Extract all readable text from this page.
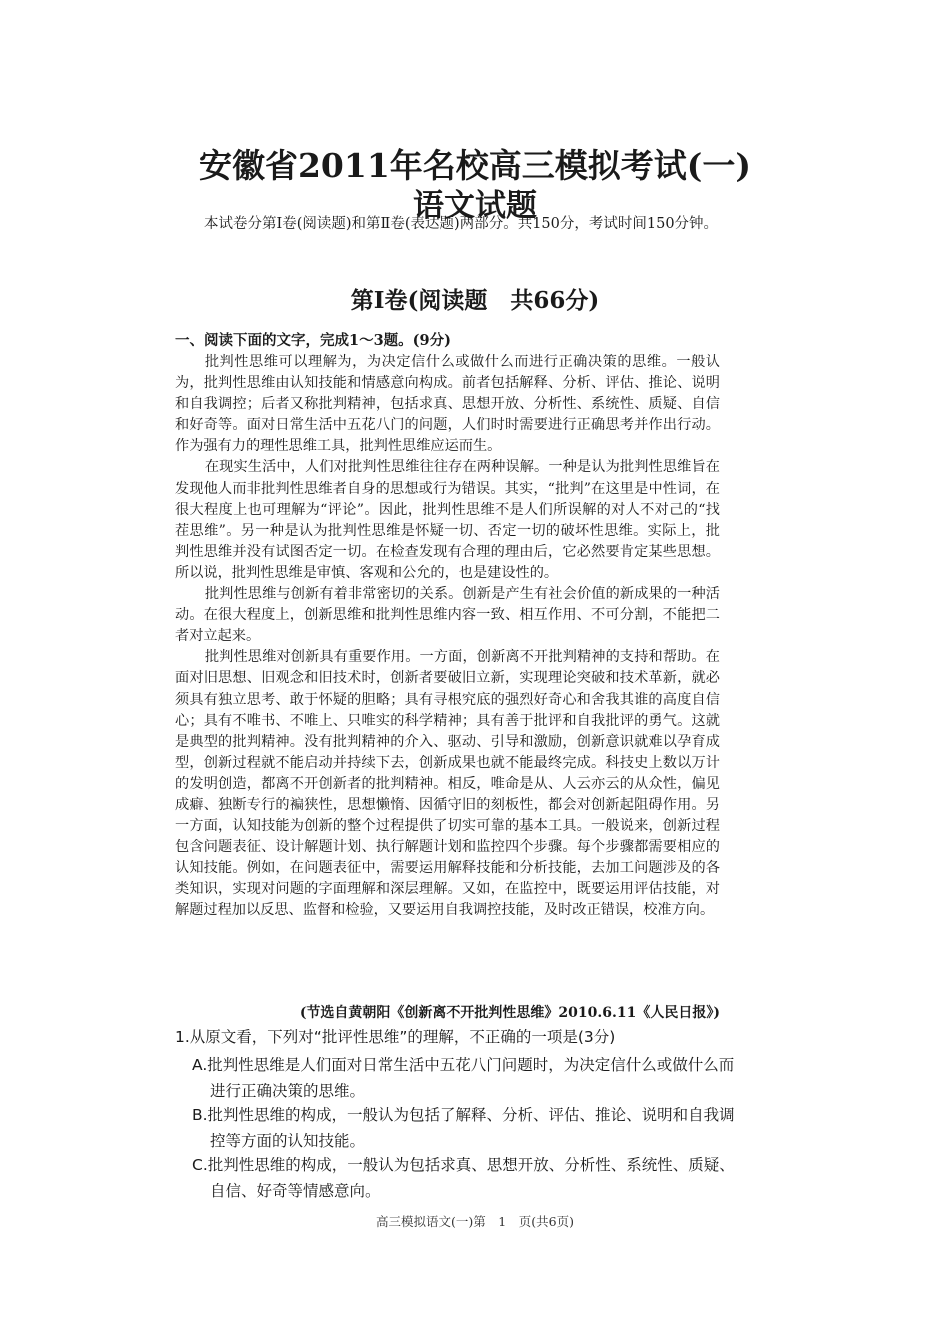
安徽省2011年名校高三模拟考试(一)
语文试题
本试卷分第Ⅰ卷(阅读题)和第Ⅱ卷(表达题)两部分。共150分，考试时间150分钟。
第Ⅰ卷(阅读题　共66分)
一、阅读下面的文字，完成1～3题。(9分)

批判性思维可以理解为，为决定信什么或做什么而进行正确决策的思维。一般认为，批判性思维由认知技能和情感意向构成。前者包括解释、分析、评估、推论、说明和自我调控；后者又称批判精神，包括求真、思想开放、分析性、系统性、质疑、自信和好奇等。面对日常生活中五花八门的问题，人们时时需要进行正确思考并作出行动。作为强有力的理性思维工具，批判性思维应运而生。

在现实生活中，人们对批判性思维往往存在两种误解。一种是认为批判性思维旨在发现他人而非批判性思维者自身的思想或行为错误。其实，“批判”在这里是中性词，在很大程度上也可理解为“评论”。因此，批判性思维不是人们所误解的对人不对己的“找茬思维”。另一种是认为批判性思维是怀疑一切、否定一切的破坏性思维。实际上，批判性思维并没有试图否定一切。在检查发现有合理的理由后，它必然要肯定某些思想。所以说，批判性思维是审慎、客观和公允的，也是建设性的。

批判性思维与创新有着非常密切的关系。创新是产生有社会价值的新成果的一种活动。在很大程度上，创新思维和批判性思维内容一致、相互作用、不可分割，不能把二者对立起来。

批判性思维对创新具有重要作用。一方面，创新离不开批判精神的支持和帮助。在面对旧思想、旧观念和旧技术时，创新者要破旧立新，实现理论突破和技术革新，就必须具有独立思考、敢于怀疑的胆略；具有寻根究底的强烈好奇心和舍我其谁的高度自信心；具有不唯书、不唯上、只唯实的科学精神；具有善于批评和自我批评的勇气。这就是典型的批判精神。没有批判精神的介入、驱动、引导和激励，创新意识就难以孕育成型，创新过程就不能启动并持续下去，创新成果也就不能最终完成。科技史上数以万计的发明创造，都离不开创新者的批判精神。相反，唯命是从、人云亦云的从众性，偏见成癖、独断专行的褊狭性，思想懒惰、因循守旧的刻板性，都会对创新起阻碍作用。另一方面，认知技能为创新的整个过程提供了切实可靠的基本工具。一般说来，创新过程包含问题表征、设计解题计划、执行解题计划和监控四个步骤。每个步骤都需要相应的认知技能。例如，在问题表征中，需要运用解释技能和分析技能，去加工问题涉及的各类知识，实现对问题的字面理解和深层理解。又如，在监控中，既要运用评估技能，对解题过程加以反思、监督和检验，又要运用自我调控技能，及时改正错误，校准方向。

(节选自黄朝阳《创新离不开批判性思维》2010.6.11《人民日报》)
1.从原文看，下列对“批评性思维”的理解，不正确的一项是(3分)
A.批判性思维是人们面对日常生活中五花八门问题时，为决定信什么或做什么而进行正确决策的思维。
B.批判性思维的构成，一般认为包括了解释、分析、评估、推论、说明和自我调控等方面的认知技能。
C.批判性思维的构成，一般认为包括求真、思想开放、分析性、系统性、质疑、自信、好奇等情感意向。
高三模拟语文(一)第　1　页(共6页)
